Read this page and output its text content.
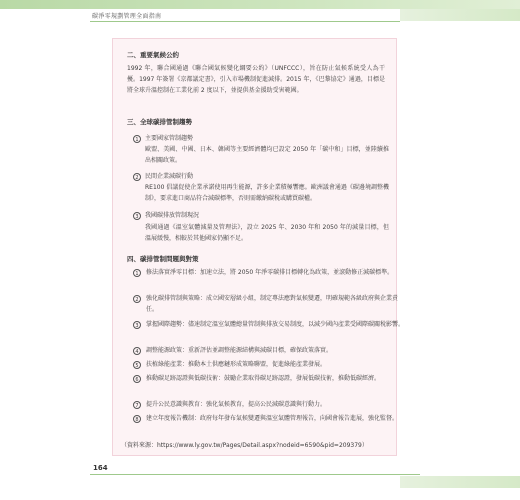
碳淨零規劃管理全面指南
二、重要氣候公約
1992 年，聯合國通過《聯合國氣候變化綱要公約》（UNFCCC），旨在防止氣候系統受人為干擾。1997 年簽署《京都議定書》，引入市場機制促進減排。2015 年，《巴黎協定》通過，目標是將全球升溫控制在工業化前 2 度以下，並提供基金援助受害範國。
三、全球碳排管制趨勢
1 主要國家管制趨勢
歐盟、美國、中國、日本、韓國等主要經濟體均已設定 2050 年「碳中和」目標，並陸續推出相關政策。
2 民間企業減碳行動
RE100 倡議促使企業承諾使用再生能源，許多企業積極響應。歐洲議會通過《碳邊境調整機制》，要求進口商品符合減碳標準，否則需繳納碳稅或購買碳權。
3 我國碳排放管制現況
我國通過《溫室氣體減量及管理法》，設立 2025 年、2030 年和 2050 年的減量目標，但溫展緩慢，相較於其他國家仍顯不足。
四、碳排管制問題與對策
1	修法落實淨零目標：加速立法，將 2050 年淨零碳排目標轉化為政策，並滾動修正減碳標準。
2	強化碳排管制與策略：成立國安層級小組，制定專法應對氣候變遷，明確規範各級政府與企業責任。
3	掌握國際趨勢：儘速制定溫室氣體總量管制與排放交易制度，以減少國內產業受國際碳關稅影響。
4	調整能源政策：重新評估並調整能源結構與減碳目標，確保政策落實。
5	扶植綠能產業：推動本土供應鏈形成策略聯盟，促進綠能產業發展。
6	推動碳足跡認證與低碳技術：鼓勵企業取得碳足跡認證，發展低碳技術，推動低碳經濟。
7	提升公民意識與教育：強化氣候教育，提高公民減碳意識與行動力。
8	建立年度報告機制：政府每年發布氣候變遷與溫室氣體管理報告，向國會報告進展，強化監督。
（資料來源：https://www.ly.gov.tw/Pages/Detail.aspx?nodeid=6590&pid=209379）
164
